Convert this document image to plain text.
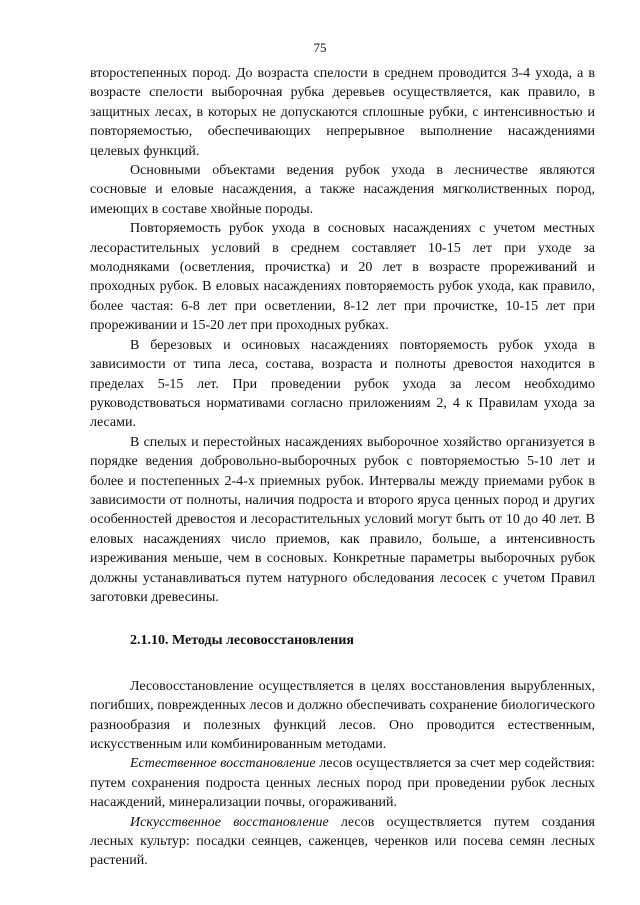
75

второстепенных пород. До возраста спелости в среднем проводится 3-4 ухода, а в возрасте спелости выборочная рубка деревьев осуществляется, как правило, в защитных лесах, в которых не допускаются сплошные рубки, с интенсивностью и повторяемостью, обеспечивающих непрерывное выполнение насаждениями целевых функций.

Основными объектами ведения рубок ухода в лесничестве являются сосновые и еловые насаждения, а также насаждения мягколиственных пород, имеющих в составе хвойные породы.

Повторяемость рубок ухода в сосновых насаждениях с учетом местных лесорастительных условий в среднем составляет 10-15 лет при уходе за молодняками (осветления, прочистка) и 20 лет в возрасте прореживаний и проходных рубок. В еловых насаждениях повторяемость рубок ухода, как правило, более частая: 6-8 лет при осветлении, 8-12 лет при прочистке, 10-15 лет при прореживании и 15-20 лет при проходных рубках.

В березовых и осиновых насаждениях повторяемость рубок ухода в зависимости от типа леса, состава, возраста и полноты древостоя находится в пределах 5-15 лет. При проведении рубок ухода за лесом необходимо руководствоваться нормативами согласно приложениям 2, 4 к Правилам ухода за лесами.

В спелых и перестойных насаждениях выборочное хозяйство организуется в порядке ведения добровольно-выборочных рубок с повторяемостью 5-10 лет и более и постепенных 2-4-х приемных рубок. Интервалы между приемами рубок в зависимости от полноты, наличия подроста и второго яруса ценных пород и других особенностей древостоя и лесорастительных условий могут быть от 10 до 40 лет. В еловых насаждениях число приемов, как правило, больше, а интенсивность изреживания меньше, чем в сосновых. Конкретные параметры выборочных рубок должны устанавливаться путем натурного обследования лесосек с учетом Правил заготовки древесины.

2.1.10. Методы лесовосстановления

Лесовосстановление осуществляется в целях восстановления вырубленных, погибших, поврежденных лесов и должно обеспечивать сохранение биологического разнообразия и полезных функций лесов. Оно проводится естественным, искусственным или комбинированным методами.

Естественное восстановление лесов осуществляется за счет мер содействия: путем сохранения подроста ценных лесных пород при проведении рубок лесных насаждений, минерализации почвы, огораживаний.

Искусственное восстановление лесов осуществляется путем создания лесных культур: посадки сеянцев, саженцев, черенков или посева семян лесных растений.
